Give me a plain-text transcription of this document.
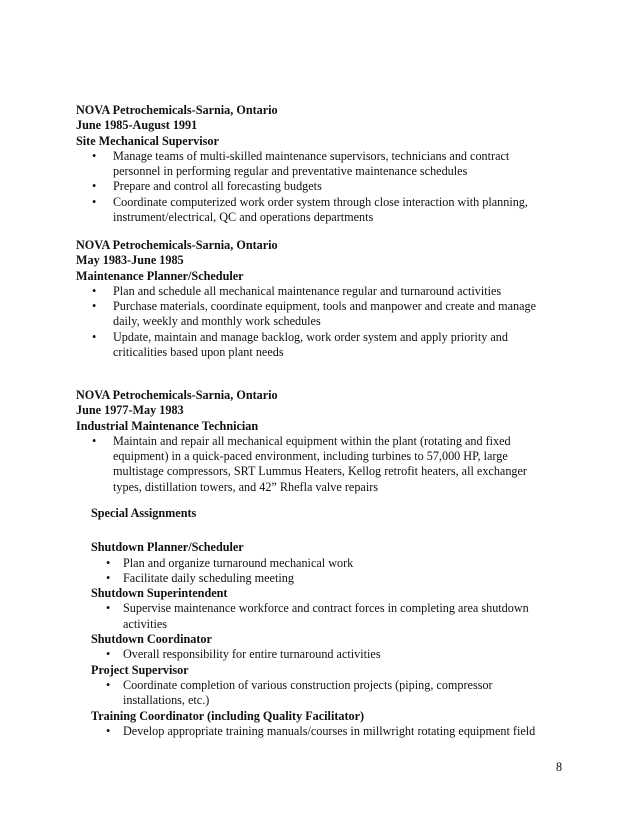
NOVA Petrochemicals-Sarnia, Ontario
June 1985-August 1991
Site Mechanical Supervisor
• Manage teams of multi-skilled maintenance supervisors, technicians and contract personnel in performing regular and preventative maintenance schedules
• Prepare and control all forecasting budgets
• Coordinate computerized work order system through close interaction with planning, instrument/electrical, QC and operations departments
NOVA Petrochemicals-Sarnia, Ontario
May 1983-June 1985
Maintenance Planner/Scheduler
• Plan and schedule all mechanical maintenance regular and turnaround activities
• Purchase materials, coordinate equipment, tools and manpower and create and manage daily, weekly and monthly work schedules
• Update, maintain and manage backlog, work order system and apply priority and criticalities based upon plant needs
NOVA Petrochemicals-Sarnia, Ontario
June 1977-May 1983
Industrial Maintenance Technician
• Maintain and repair all mechanical equipment within the plant (rotating and fixed equipment) in a quick-paced environment, including turbines to 57,000 HP, large multistage compressors, SRT Lummus Heaters, Kellog retrofit heaters, all exchanger types, distillation towers, and 42” Rhefla valve repairs
Special Assignments
Shutdown Planner/Scheduler
• Plan and organize turnaround mechanical work
• Facilitate daily scheduling meeting
Shutdown Superintendent
• Supervise maintenance workforce and contract forces in completing area shutdown activities
Shutdown Coordinator
• Overall responsibility for entire turnaround activities
Project Supervisor
• Coordinate completion of various construction projects (piping, compressor installations, etc.)
Training Coordinator (including Quality Facilitator)
• Develop appropriate training manuals/courses in millwright rotating equipment field
8
